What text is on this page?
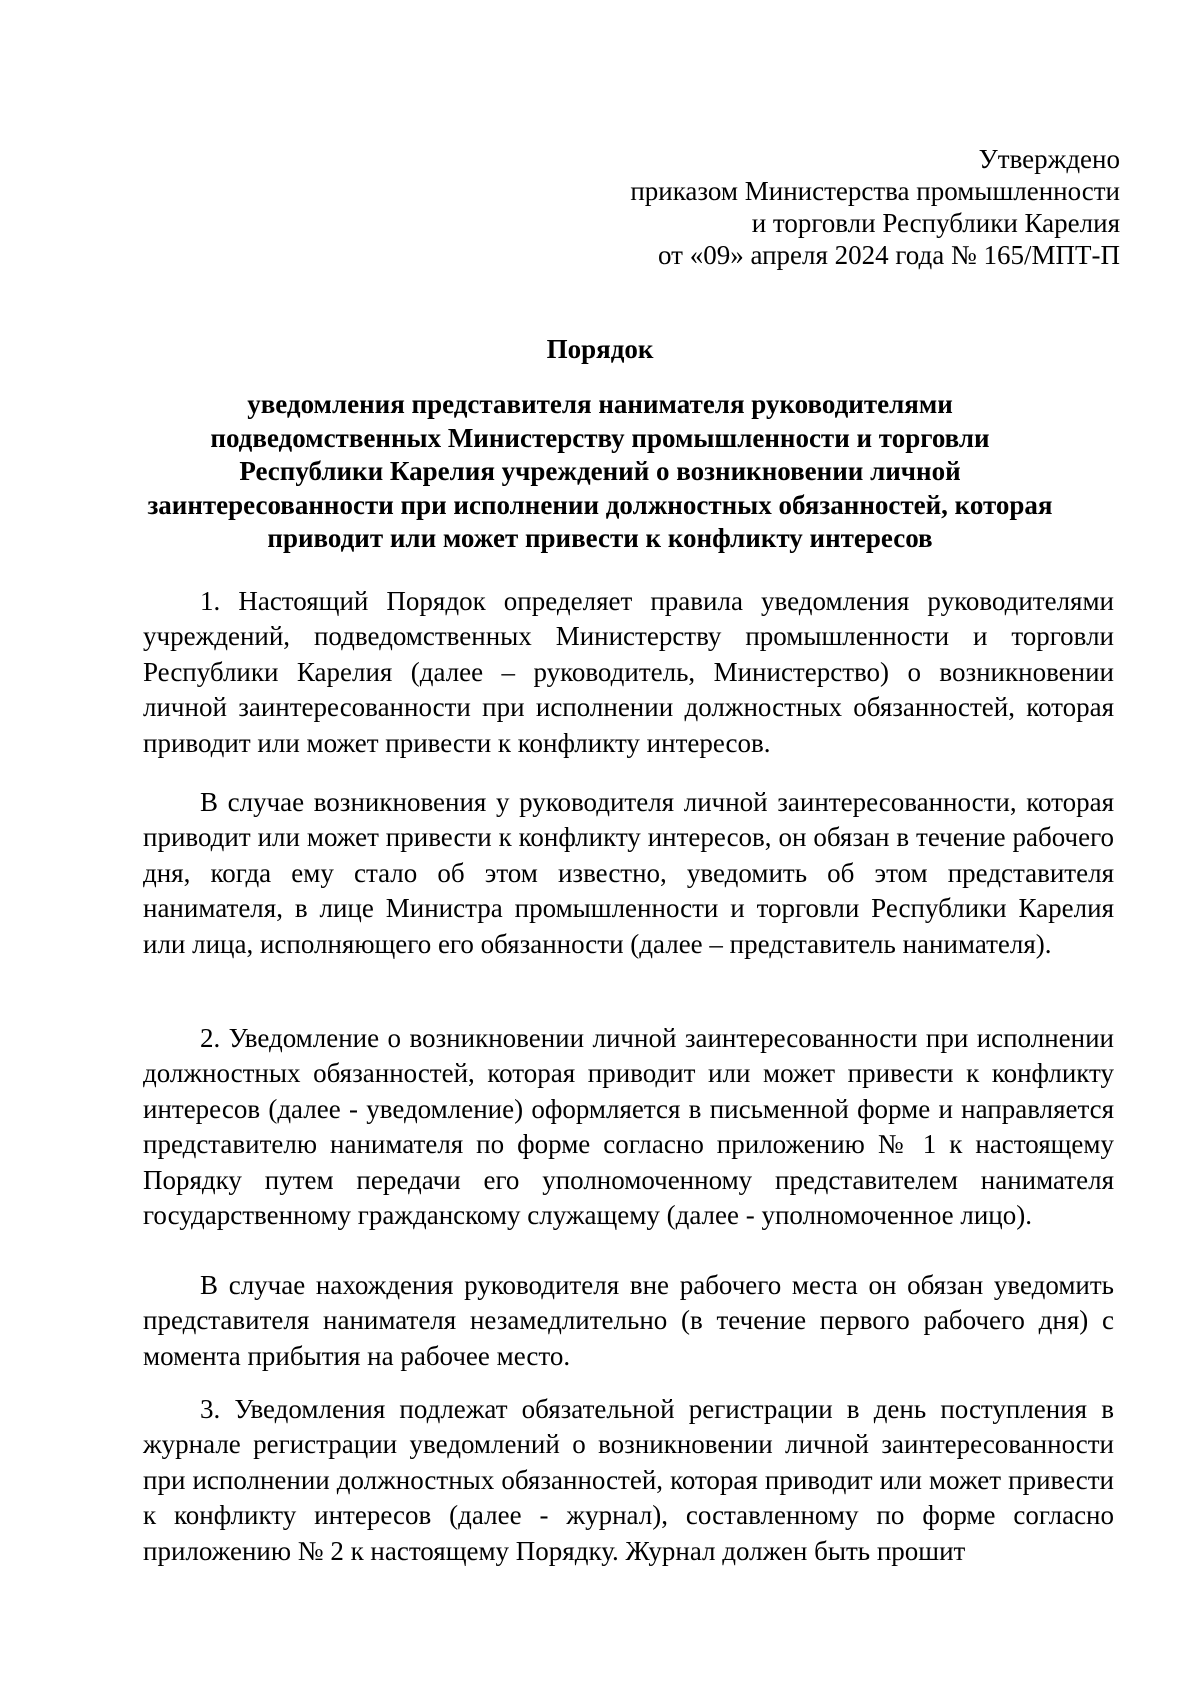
Утверждено
приказом Министерства промышленности
и торговли Республики Карелия
от «09» апреля 2024 года № 165/МПТ-П
Порядок
уведомления представителя нанимателя руководителями
подведомственных Министерству промышленности и торговли
Республики Карелия учреждений о возникновении личной
заинтересованности при исполнении должностных обязанностей, которая
приводит или может привести к конфликту интересов

1. Настоящий Порядок определяет правила уведомления руководителями учреждений, подведомственных Министерству промышленности и торговли Республики Карелия (далее – руководитель, Министерство) о возникновении личной заинтересованности при исполнении должностных обязанностей, которая приводит или может привести к конфликту интересов.

В случае возникновения у руководителя личной заинтересованности, которая приводит или может привести к конфликту интересов, он обязан в течение рабочего дня, когда ему стало об этом известно, уведомить об этом представителя нанимателя, в лице Министра промышленности и торговли Республики Карелия или лица, исполняющего его обязанности (далее – представитель нанимателя).

2. Уведомление о возникновении личной заинтересованности при исполнении должностных обязанностей, которая приводит или может привести к конфликту интересов (далее - уведомление) оформляется в письменной форме и направляется представителю нанимателя по форме согласно приложению № 1 к настоящему Порядку путем передачи его уполномоченному представителем нанимателя государственному гражданскому служащему (далее - уполномоченное лицо).

В случае нахождения руководителя вне рабочего места он обязан уведомить представителя нанимателя незамедлительно (в течение первого рабочего дня) с момента прибытия на рабочее место.

3. Уведомления подлежат обязательной регистрации в день поступления в журнале регистрации уведомлений о возникновении личной заинтересованности при исполнении должностных обязанностей, которая приводит или может привести к конфликту интересов (далее - журнал), составленному по форме согласно приложению № 2 к настоящему Порядку. Журнал должен быть прошит
